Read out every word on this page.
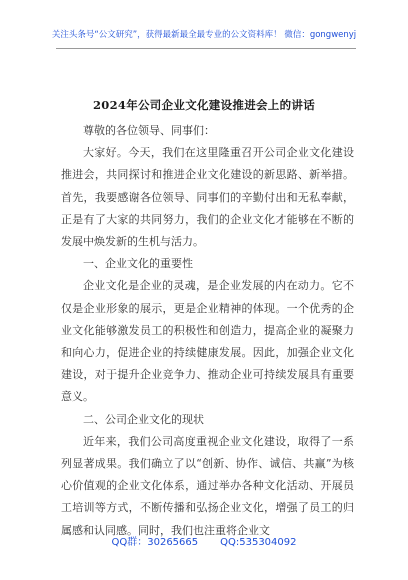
关注头条号“公文研究”，获得最新最全最专业的公文资料库！ 微信：gongwenyj
2024年公司企业文化建设推进会上的讲话

尊敬的各位领导、同事们：

大家好。今天，我们在这里隆重召开公司企业文化建设推进会，共同探讨和推进企业文化建设的新思路、新举措。首先，我要感谢各位领导、同事们的辛勤付出和无私奉献，正是有了大家的共同努力，我们的企业文化才能够在不断的发展中焕发新的生机与活力。

一、企业文化的重要性

企业文化是企业的灵魂，是企业发展的内在动力。它不仅是企业形象的展示，更是企业精神的体现。一个优秀的企业文化能够激发员工的积极性和创造力，提高企业的凝聚力和向心力，促进企业的持续健康发展。因此，加强企业文化建设，对于提升企业竞争力、推动企业可持续发展具有重要意义。

二、公司企业文化的现状

近年来，我们公司高度重视企业文化建设，取得了一系列显著成果。我们确立了以“创新、协作、诚信、共赢”为核心价值观的企业文化体系，通过举办各种文化活动、开展员工培训等方式，不断传播和弘扬企业文化，增强了员工的归属感和认同感。同时，我们也注重将企业文

QQ群：30265665 QQ:535304092
